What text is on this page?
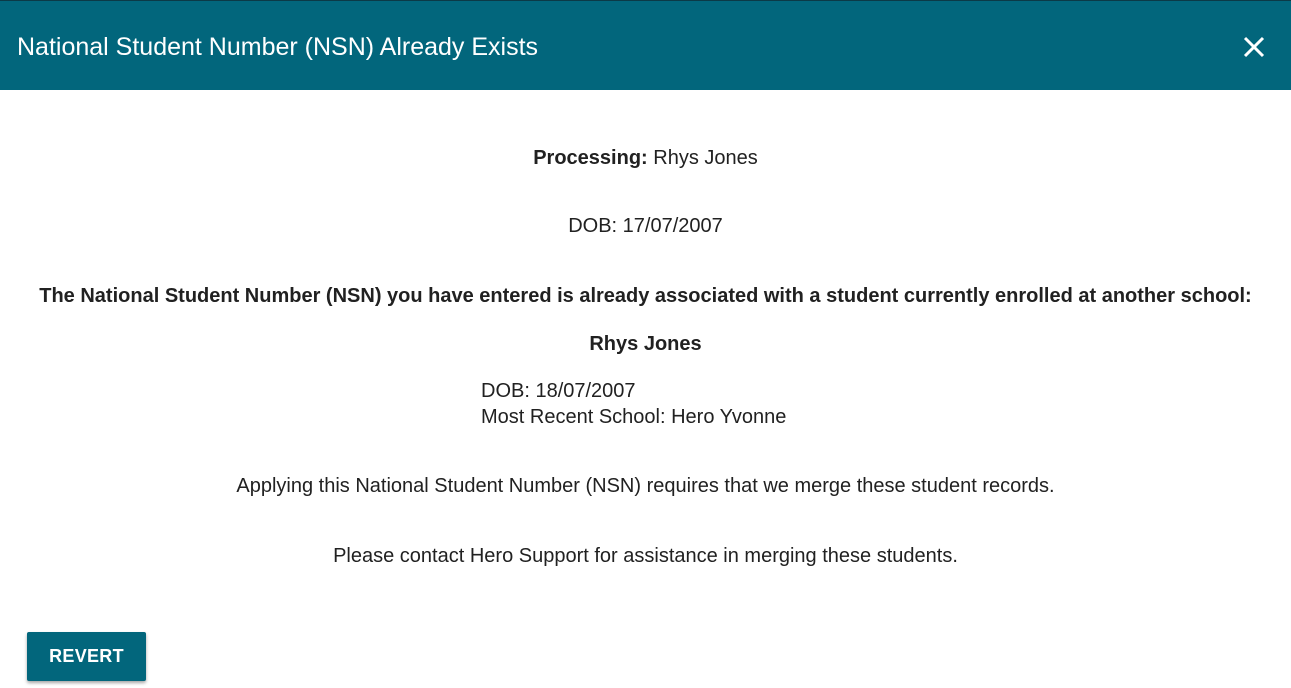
National Student Number (NSN) Already Exists
Processing: Rhys Jones
DOB: 17/07/2007
The National Student Number (NSN) you have entered is already associated with a student currently enrolled at another school:
Rhys Jones
DOB: 18/07/2007
Most Recent School: Hero Yvonne
Applying this National Student Number (NSN) requires that we merge these student records.
Please contact Hero Support for assistance in merging these students.
REVERT
